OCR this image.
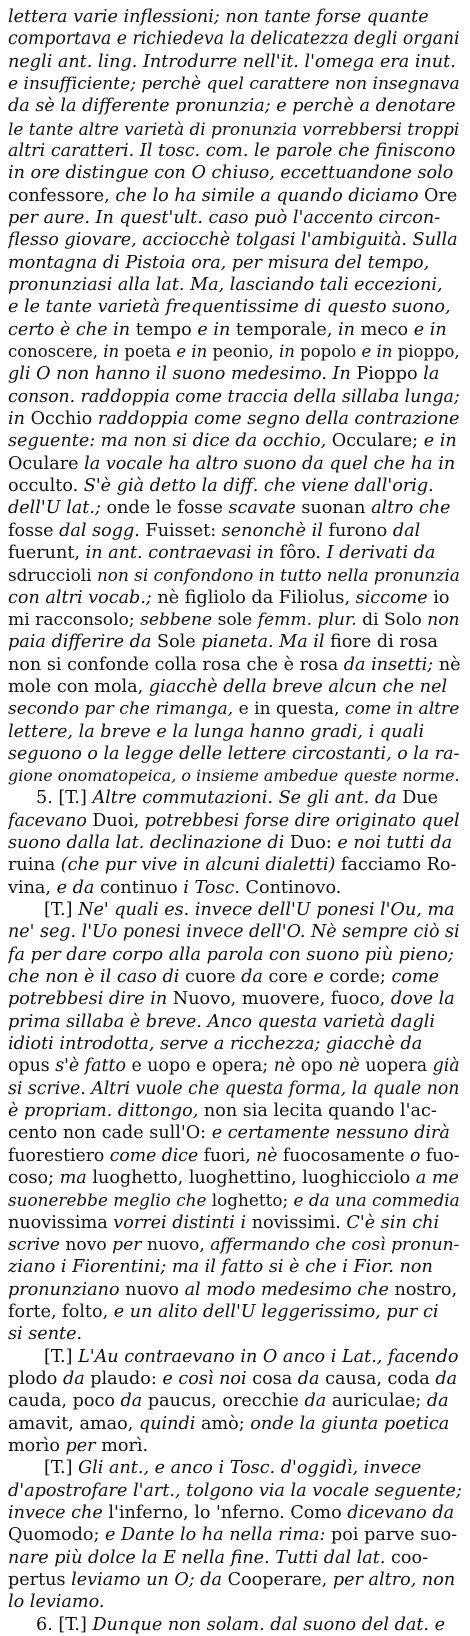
lettera varie inflessioni; non tante forse quante
comportava e richiedeva la delicatezza degli organi
negli ant. ling. Introdurre nell'it. l'omega era inut.
e insufficiente; perchè quel carattere non insegnava
da sè la differente pronunzia; e perchè a denotare
le tante altre varietà di pronunzia vorrebbersi troppi
altri caratteri. Il tosc. com. le parole che finiscono
in ore distingue con O chiuso, eccettuandone solo
confessore, che lo ha simile a quando diciamo Ore
per aure. In quest'ult. caso può l'accento circon-
flesso giovare, acciocchè tolgasi l'ambiguità. Sulla
montagna di Pistoia ora, per misura del tempo,
pronunziasi alla lat. Ma, lasciando tali eccezioni,
e le tante varietà frequentissime di questo suono,
certo è che in tempo e in temporale, in meco e in
conoscere, in poeta e in peonio, in popolo e in pioppo,
gli O non hanno il suono medesimo. In Pioppo la
conson. raddoppia come traccia della sillaba lunga;
in Occhio raddoppia come segno della contrazione
seguente: ma non si dice da occhio, Occulare; e in
Oculare la vocale ha altro suono da quel che ha in
occulto. S'è già detto la diff. che viene dall'orig.
dell'U lat.; onde le fosse scavate suonan altro che
fosse dal sogg. Fuisset: senonchè il furono dal
fuerunt, in ant. contraevasi in fôro. I derivati da
sdruccioli non si confondono in tutto nella pronunzia
con altri vocab.; nè figliolo da Filiolus, siccome io
mi racconsolo; sebbene sole femm. plur. di Solo non
paia differire da Sole pianeta. Ma il fiore di rosa
non si confonde colla rosa che è rosa da insetti; nè
mole con mola, giacchè della breve alcun che nel
secondo par che rimanga, e in questa, come in altre
lettere, la breve e la lunga hanno gradi, i quali
seguono o la legge delle lettere circostanti, o la ra-
gione onomatopeica, o insieme ambedue queste norme.
5. [T.] Altre commutazioni. Se gli ant. da Due
facevano Duoi, potrebbesi forse dire originato quel
suono dalla lat. declinazione di Duo: e noi tutti da
ruina (che pur vive in alcuni dialetti) facciamo Ro-
vina, e da continuo i Tosc. Continovo.
[T.] Ne' quali es. invece dell'U ponesi l'Ou, ma
ne' seg. l'Uo ponesi invece dell'O. Nè sempre ciò si
fa per dare corpo alla parola con suono più pieno;
che non è il caso di cuore da core e corde; come
potrebbesi dire in Nuovo, muovere, fuoco, dove la
prima sillaba è breve. Anco questa varietà dagli
idioti introdotta, serve a ricchezza; giacchè da
opus s'è fatto e uopo e opera; nè opo nè uopera già
si scrive. Altri vuole che questa forma, la quale non
è propriam. dittongo, non sia lecita quando l'ac-
cento non cade sull'O: e certamente nessuno dirà
fuorestiero come dice fuori, nè fuocosamente o fuo-
coso; ma luoghetto, luoghettino, luoghicciolo a me
suonerebbe meglio che loghetto; e da una commedia
nuovissima vorrei distinti i novissimi. C'è sin chi
scrive novo per nuovo, affermando che così pronun-
ziano i Fiorentini; ma il fatto si è che i Fior. non
pronunziano nuovo al modo medesimo che nostro,
forte, folto, e un alito dell'U leggerissimo, pur ci
si sente.
[T.] L'Au contraevano in O anco i Lat., facendo
plodo da plaudo: e così noi cosa da causa, coda da
cauda, poco da paucus, orecchie da auriculae; da
amavit, amao, quindi amò; onde la giunta poetica
morìo per morì.
[T.] Gli ant., e anco i Tosc. d'oggidì, invece
d'apostrofare l'art., tolgono via la vocale seguente;
invece che l'inferno, lo 'nferno. Como dicevano da
Quomodo; e Dante lo ha nella rima: poi parve suo-
nare più dolce la E nella fine. Tutti dal lat. coo-
pertus leviamo un O; da Cooperare, per altro, non
lo leviamo.
6. [T.] Dunque non solam. dal suono del dat. e
